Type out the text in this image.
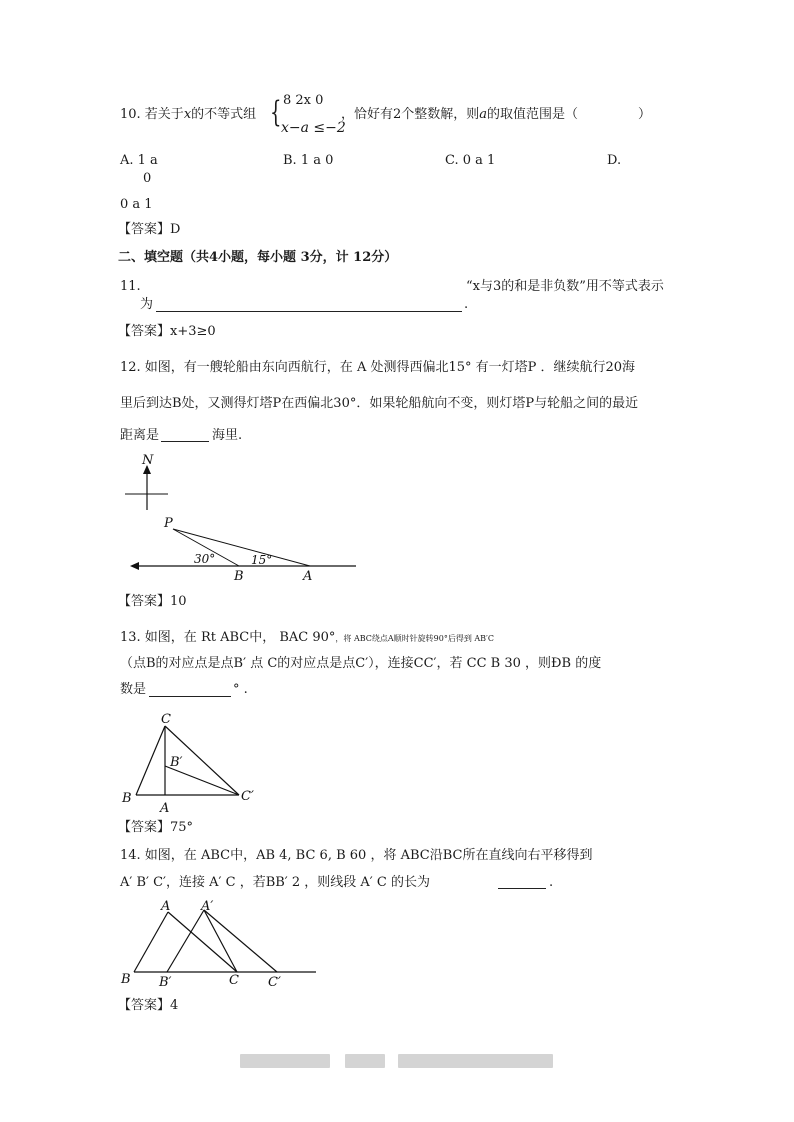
10. 若关于x的不等式组 { 8 2x 0
x−a ≤−2
，恰好有2个整数解，则a的取值范围是（	）
A. 1 a
0
B. 1 a 0	C. 0 a 1	D.
0 a 1
【答案】D
二、填空题（共4小题，每小题 3分，计 12分）
11.	“x与3的和是非负数”用不等式表示
为	.
【答案】x+3≥0
12. 如图，有一艘轮船由东向西航行，在 A 处测得西偏北15° 有一灯塔P ．继续航行20海
里后到达B处，又测得灯塔P在西偏北30°．如果轮船航向不变，则灯塔P与轮船之间的最近
距离是	海里.
N
P
B	A
30°	15°
【答案】10
13. 如图，在 Rt ABC中， BAC 90°，将 ABC绕点A顺时针旋转90°后得到 AB′C
（点B的对应点是点B′ 点 C的对应点是点C′），连接CC′，若 CC B 30 ，则ÐB 的度
数是	° .
C
B′
B
A
C′
【答案】75°
14. 如图，在 ABC中，AB 4, BC 6, B 60 ，将 ABC沿BC所在直线向右平移得到
A′ B′ C′，连接 A′ C ，若BB′ 2 ，则线段 A′ C 的长为	.
A A′
B B′	C C′
【答案】4
